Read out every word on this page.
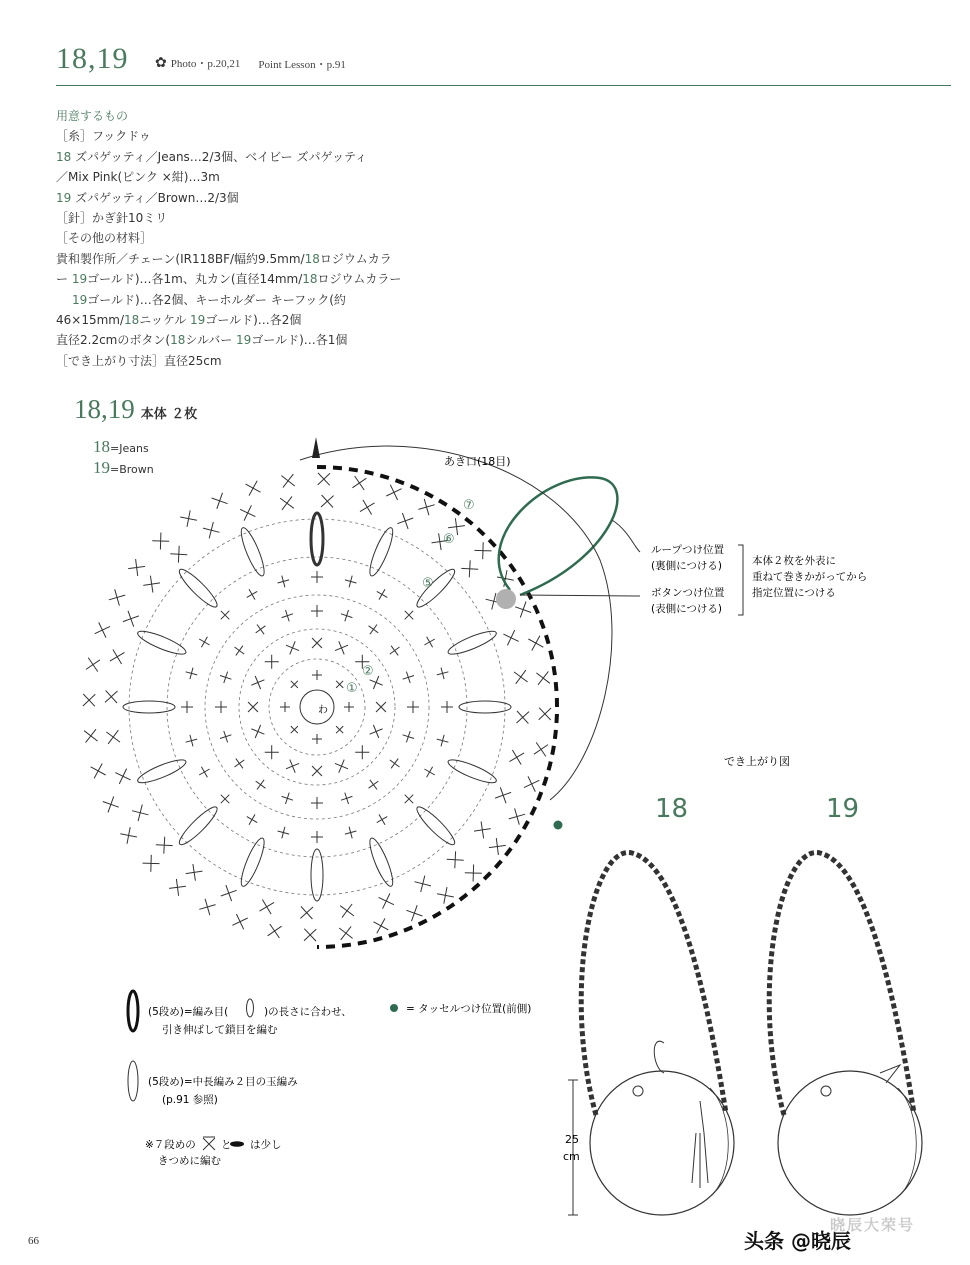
18,19 ✿ Photo・p.20,21 Point Lesson・p.91
用意するもの
［糸］フックドゥ
18 ズパゲッティ／Jeans…2/3個、ベイビー ズパゲッティ
／Mix Pink(ピンク ×紺)…3m
19 ズパゲッティ／Brown…2/3個
［針］かぎ針10ミリ
［その他の材料］
貴和製作所／チェーン(IR118BF/幅約9.5mm/18ロジウムカラ
ー 19ゴールド)…各1m、丸カン(直径14mm/18ロジウムカラー
19ゴールド)…各2個、キーホルダー キーフック(約
46×15mm/18ニッケル 19ゴールド)…各2個
直径2.2cmのボタン(18シルバー 19ゴールド)…各1個
［でき上がり寸法］直径25cm
18,19 本体 ２枚
18=Jeans
19=Brown
わ
①
②
⑤
⑥
⑦
あき口(18目)
ループつけ位置
(裏側につける)
ボタンつけ位置
(表側につける)
本体２枚を外表に
重ねて巻きかがってから
指定位置につける
でき上がり図
18	19
25
cm
(5段め)=編み目(	)の長さに合わせ、
引き伸ばして鎖目を編む
(5段め)=中長編み２目の玉編み
(p.91 参照)
※７段めの と は少し
きつめに編む
= タッセルつけ位置(前側)
66
晓辰大荣号
头条 @晓辰
